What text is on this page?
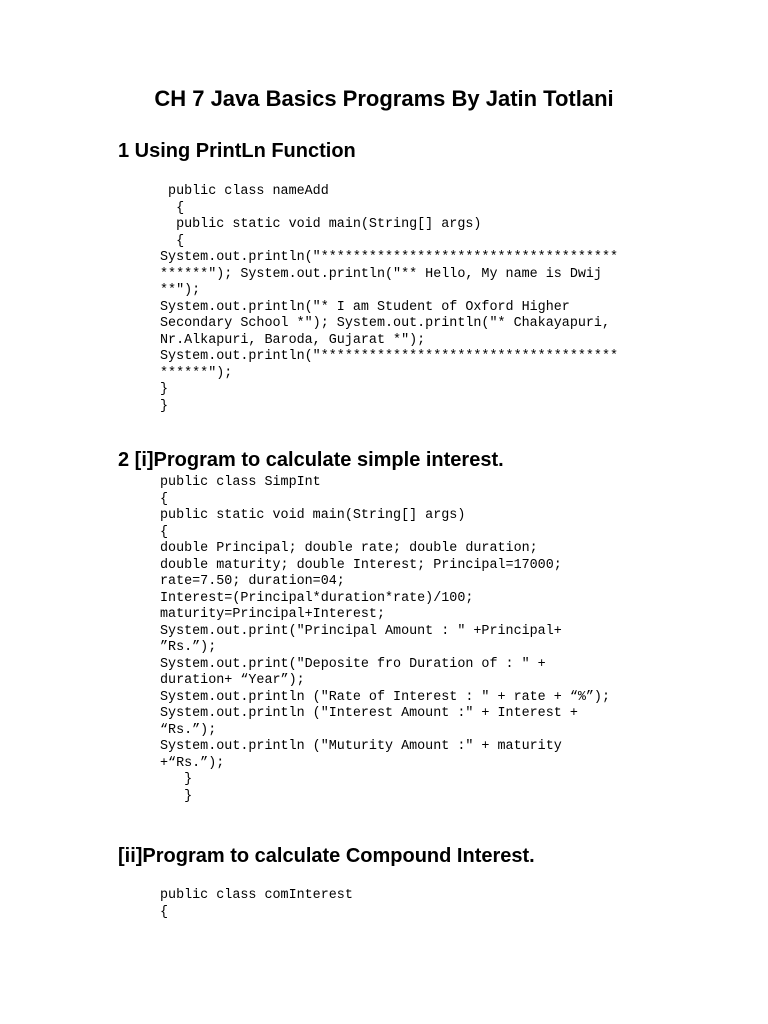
CH 7 Java Basics Programs By Jatin Totlani
1 Using PrintLn Function
public class nameAdd
{
public static void main(String[] args)
{
System.out.println("*************************************
******"); System.out.println("** Hello, My name is Dwij
**");
System.out.println("* I am Student of Oxford Higher
Secondary School *"); System.out.println("* Chakayapuri,
Nr.Alkapuri, Baroda, Gujarat *");
System.out.println("*************************************
******");
}
}
2 [i]Program to calculate simple interest.
public class SimpInt
{
public static void main(String[] args)
{
double Principal; double rate; double duration;
double maturity; double Interest; Principal=17000;
rate=7.50; duration=04;
Interest=(Principal*duration*rate)/100;
maturity=Principal+Interest;
System.out.print("Principal Amount : " +Principal+
”Rs.”);
System.out.print("Deposite fro Duration of : " +
duration+ “Year”);
System.out.println ("Rate of Interest : " + rate + “%”);
System.out.println ("Interest Amount :" + Interest +
“Rs.”);
System.out.println ("Muturity Amount :" + maturity
+“Rs.”);
}
}
[ii]Program to calculate Compound Interest.
public class comInterest
{
